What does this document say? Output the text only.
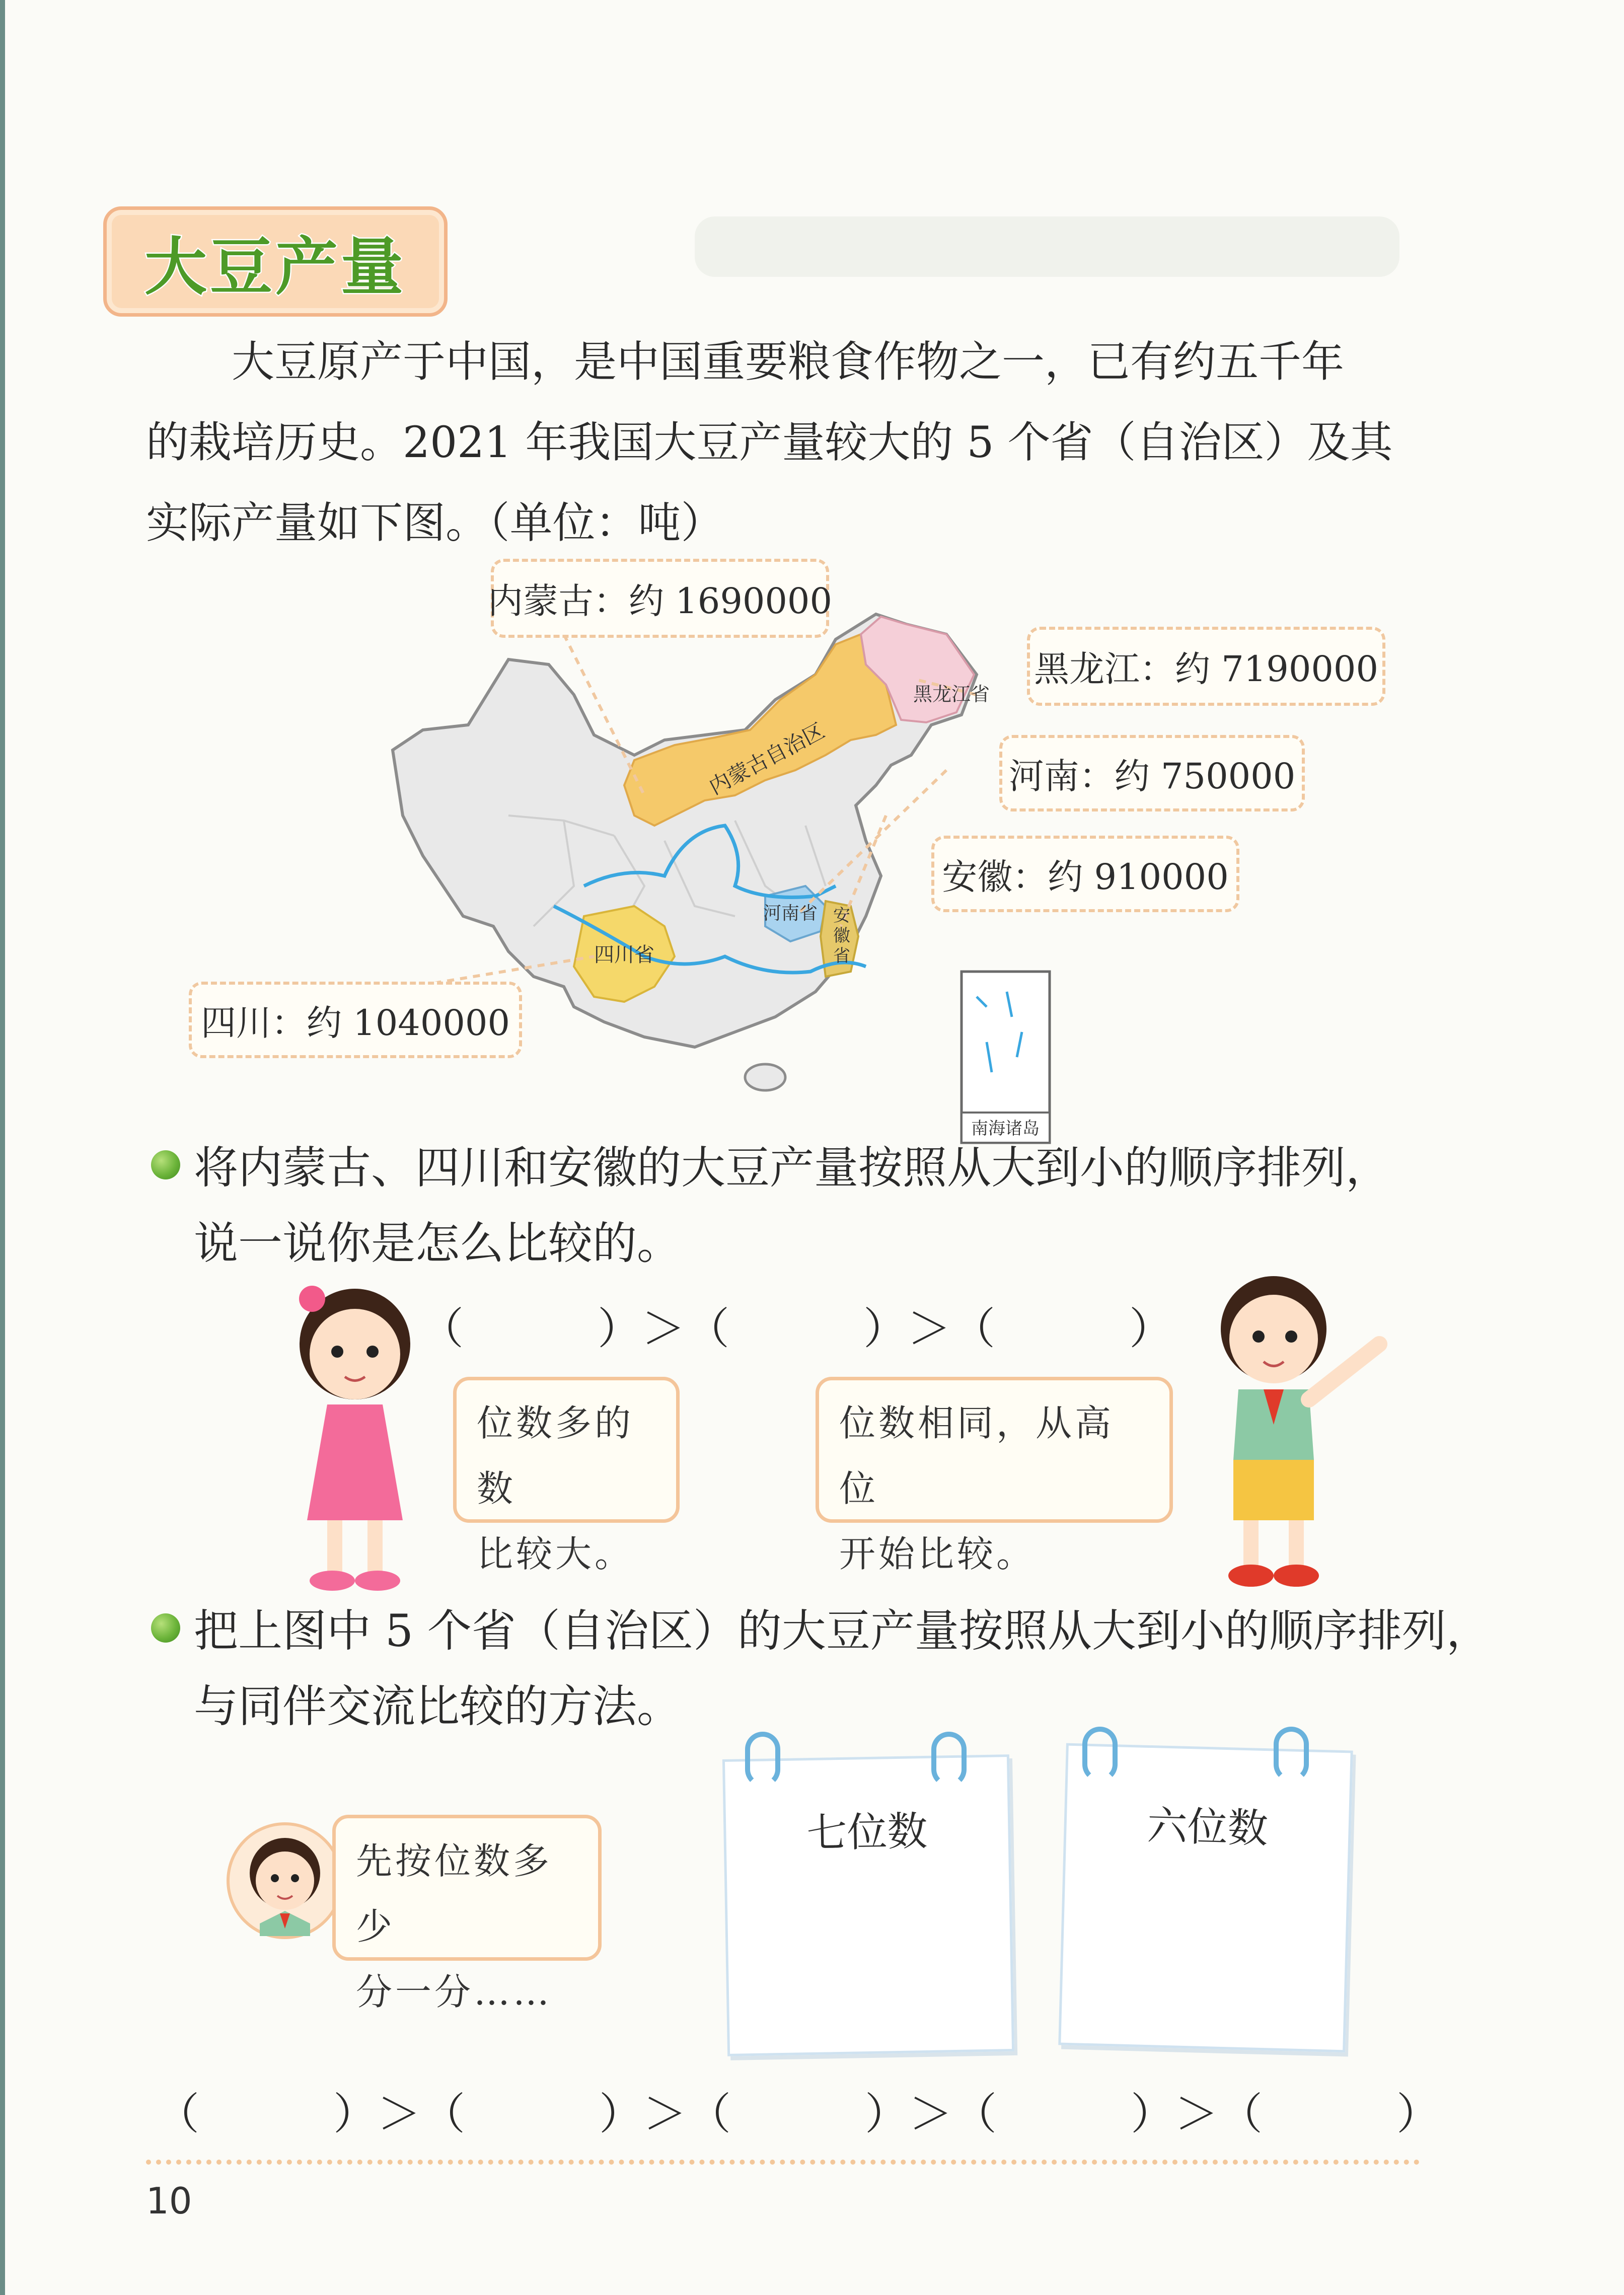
大豆产量
大豆原产于中国，是中国重要粮食作物之一，已有约五千年
的栽培历史。2021 年我国大豆产量较大的 5 个省（自治区）及其
实际产量如下图。（单位：吨）
南海诸岛
黑龙江省
内蒙古自治区
河南省 安
徽
省
四川省
内蒙古：约 1690000
黑龙江：约 7190000
河南：约 750000
安徽：约 910000
四川：约 1040000
将内蒙古、四川和安徽的大豆产量按照从大到小的顺序排列，
说一说你是怎么比较的。
（　　　）＞（　　　）＞（　　　）
位数多的数
比较大。
位数相同，从高位
开始比较。
把上图中 5 个省（自治区）的大豆产量按照从大到小的顺序排列，
与同伴交流比较的方法。
先按位数多少
分一分……
七位数	六位数
（　　　）＞（　　　）＞（　　　）＞（　　　）＞（　　　）
10
